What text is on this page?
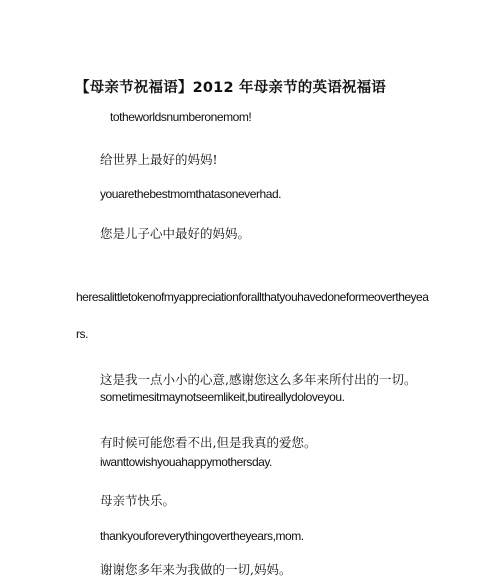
【母亲节祝福语】2012 年母亲节的英语祝福语
totheworldsnumberonemom!
给世界上最好的妈妈!
youarethebestmomthatasoneverhad.
您是儿子心中最好的妈妈。
heresalittletokenofmyappreciationforallthatyouhavedoneformeovertheyea
rs.
这是我一点小小的心意,感谢您这么多年来所付出的一切。
sometimesitmaynotseemlikeit,butireallydoloveyou.
有时候可能您看不出,但是我真的爱您。
iwanttowishyouahappymothersday.
母亲节快乐。
thankyouforeverythingovertheyears,mom.
谢谢您多年来为我做的一切,妈妈。
